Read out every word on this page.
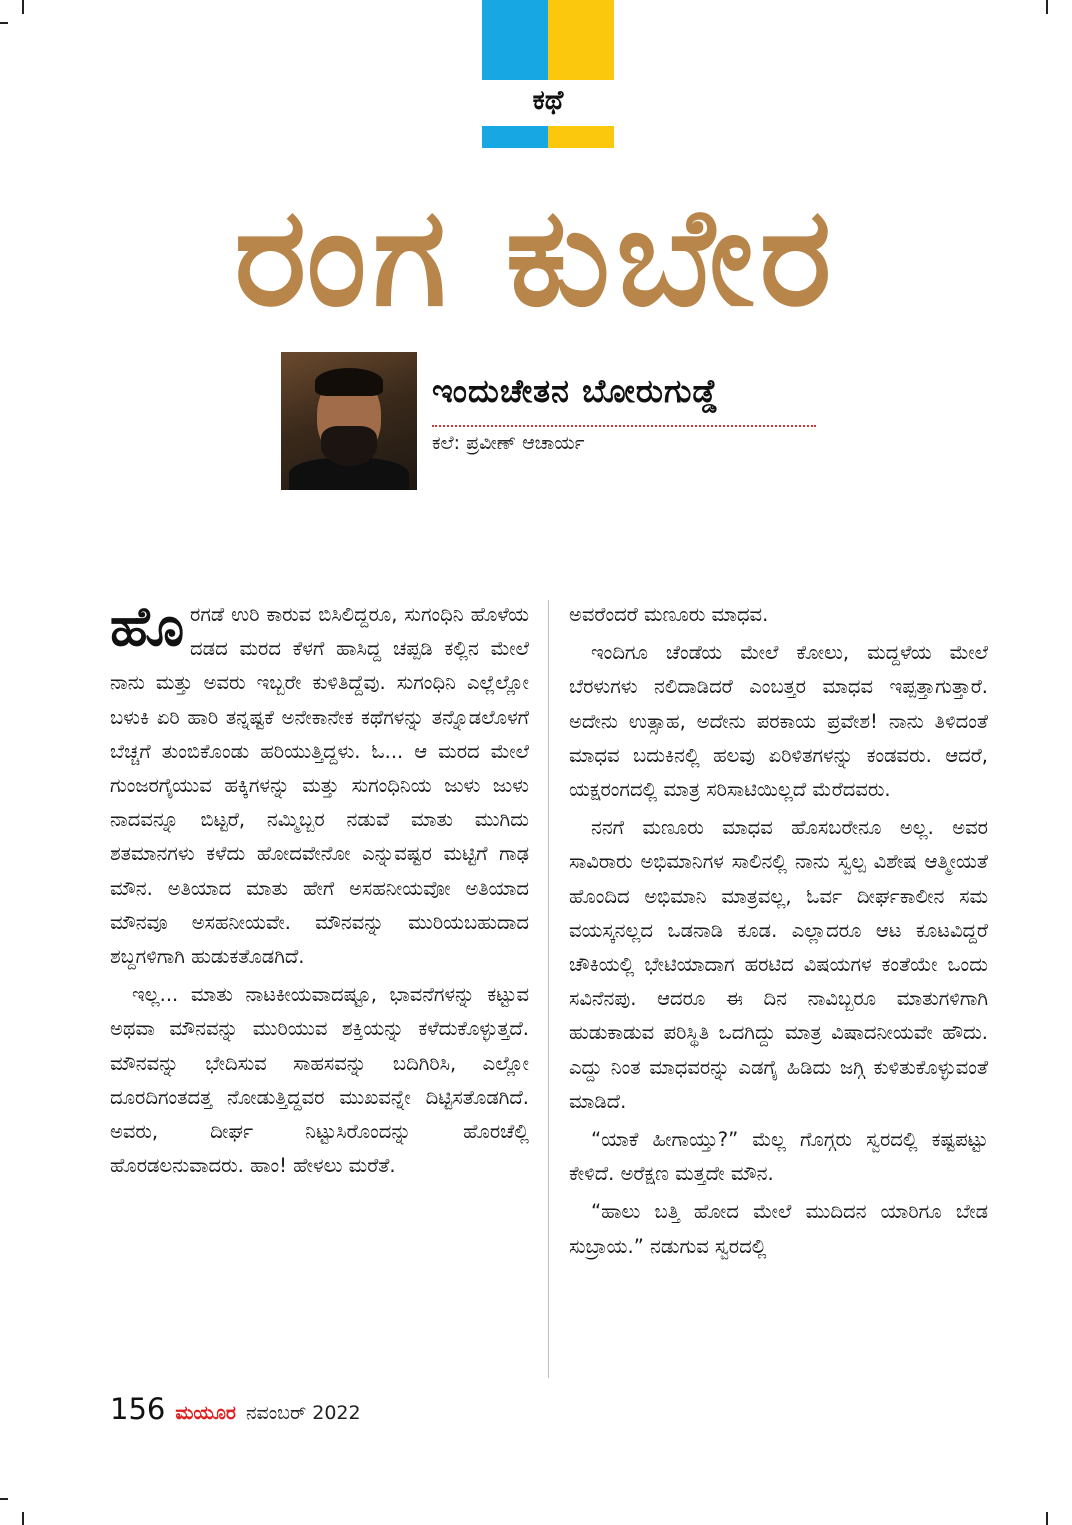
ಕಥೆ
ರಂಗ ಕುಬೇರ
ಇಂದುಚೇತನ ಬೋರುಗುಡ್ಡೆ
ಕಲೆ: ಪ್ರವೀಣ್ ಆಚಾರ್ಯ

ಹೊರಗಡೆ ಉರಿ ಕಾರುವ ಬಿಸಿಲಿದ್ದರೂ, ಸುಗಂಧಿನಿ ಹೊಳೆಯ ದಡದ ಮರದ ಕೆಳಗೆ ಹಾಸಿದ್ದ ಚಪ್ಪಡಿ ಕಲ್ಲಿನ ಮೇಲೆ ನಾನು ಮತ್ತು ಅವರು ಇಬ್ಬರೇ ಕುಳಿತಿದ್ದೆವು. ಸುಗಂಧಿನಿ ಎಲ್ಲೆಲ್ಲೋ ಬಳುಕಿ ಏರಿ ಹಾರಿ ತನ್ನಷ್ಟಕೆ ಅನೇಕಾನೇಕ ಕಥೆಗಳನ್ನು ತನ್ನೊಡಲೊಳಗೆ ಬೆಚ್ಚಗೆ ತುಂಬಿಕೊಂಡು ಹರಿಯುತ್ತಿದ್ದಳು. ಓ... ಆ ಮರದ ಮೇಲೆ ಗುಂಜರಗೈಯುವ ಹಕ್ಕಿಗಳನ್ನು ಮತ್ತು ಸುಗಂಧಿನಿಯ ಜುಳು ಜುಳು ನಾದವನ್ನೂ ಬಿಟ್ಟರೆ, ನಮ್ಮಿಬ್ಬರ ನಡುವೆ ಮಾತು ಮುಗಿದು ಶತಮಾನಗಳು ಕಳೆದು ಹೋದವೇನೋ ಎನ್ನುವಷ್ಟರ ಮಟ್ಟಿಗೆ ಗಾಢ ಮೌನ. ಅತಿಯಾದ ಮಾತು ಹೇಗೆ ಅಸಹನೀಯವೋ ಅತಿಯಾದ ಮೌನವೂ ಅಸಹನೀಯವೇ. ಮೌನವನ್ನು ಮುರಿಯಬಹುದಾದ ಶಬ್ದಗಳಿಗಾಗಿ ಹುಡುಕತೊಡಗಿದೆ.

ಇಲ್ಲ... ಮಾತು ನಾಟಕೀಯವಾದಷ್ಟೂ, ಭಾವನೆಗಳನ್ನು ಕಟ್ಟುವ ಅಥವಾ ಮೌನವನ್ನು ಮುರಿಯುವ ಶಕ್ತಿಯನ್ನು ಕಳೆದುಕೊಳ್ಳುತ್ತದೆ. ಮೌನವನ್ನು ಭೇದಿಸುವ ಸಾಹಸವನ್ನು ಬದಿಗಿರಿಸಿ, ಎಲ್ಲೋ ದೂರದಿಗಂತದತ್ತ ನೋಡುತ್ತಿದ್ದವರ ಮುಖವನ್ನೇ ದಿಟ್ಟಿಸತೊಡಗಿದೆ. ಅವರು, ದೀರ್ಘ ನಿಟ್ಟುಸಿರೊಂದನ್ನು ಹೊರಚೆಲ್ಲಿ ಹೊರಡಲನುವಾದರು. ಹಾಂ! ಹೇಳಲು ಮರೆತೆ.

ಅವರೆಂದರೆ ಮಣೂರು ಮಾಧವ.

ಇಂದಿಗೂ ಚೆಂಡೆಯ ಮೇಲೆ ಕೋಲು, ಮದ್ದಳೆಯ ಮೇಲೆ ಬೆರಳುಗಳು ನಲಿದಾಡಿದರೆ ಎಂಬತ್ತರ ಮಾಧವ ಇಪ್ಪತ್ತಾಗುತ್ತಾರೆ. ಅದೇನು ಉತ್ಸಾಹ, ಅದೇನು ಪರಕಾಯ ಪ್ರವೇಶ! ನಾನು ತಿಳಿದಂತೆ ಮಾಧವ ಬದುಕಿನಲ್ಲಿ ಹಲವು ಏರಿಳಿತಗಳನ್ನು ಕಂಡವರು. ಆದರೆ, ಯಕ್ಷರಂಗದಲ್ಲಿ ಮಾತ್ರ ಸರಿಸಾಟಿಯಿಲ್ಲದೆ ಮೆರೆದವರು.

ನನಗೆ ಮಣೂರು ಮಾಧವ ಹೊಸಬರೇನೂ ಅಲ್ಲ. ಅವರ ಸಾವಿರಾರು ಅಭಿಮಾನಿಗಳ ಸಾಲಿನಲ್ಲಿ ನಾನು ಸ್ವಲ್ಪ ವಿಶೇಷ ಆತ್ಮೀಯತೆ ಹೊಂದಿದ ಅಭಿಮಾನಿ ಮಾತ್ರವಲ್ಲ, ಓರ್ವ ದೀರ್ಘಕಾಲೀನ ಸಮ ವಯಸ್ಕನಲ್ಲದ ಒಡನಾಡಿ ಕೂಡ. ಎಲ್ಲಾದರೂ ಆಟ ಕೂಟವಿದ್ದರೆ ಚೌಕಿಯಲ್ಲಿ ಭೇಟಿಯಾದಾಗ ಹರಟಿದ ವಿಷಯಗಳ ಕಂತೆಯೇ ಒಂದು ಸವಿನೆನಪು. ಆದರೂ ಈ ದಿನ ನಾವಿಬ್ಬರೂ ಮಾತುಗಳಿಗಾಗಿ ಹುಡುಕಾಡುವ ಪರಿಸ್ಥಿತಿ ಒದಗಿದ್ದು ಮಾತ್ರ ವಿಷಾದನೀಯವೇ ಹೌದು. ಎದ್ದು ನಿಂತ ಮಾಧವರನ್ನು ಎಡಗೈ ಹಿಡಿದು ಜಗ್ಗಿ ಕುಳಿತುಕೊಳ್ಳುವಂತೆ ಮಾಡಿದೆ.

“ಯಾಕೆ ಹೀಗಾಯ್ತು?” ಮೆಲ್ಲ ಗೊಗ್ಗರು ಸ್ವರದಲ್ಲಿ ಕಷ್ಟಪಟ್ಟು ಕೇಳಿದೆ. ಅರೆಕ್ಷಣ ಮತ್ತದೇ ಮೌನ.

“ಹಾಲು ಬತ್ತಿ ಹೋದ ಮೇಲೆ ಮುದಿದನ ಯಾರಿಗೂ ಬೇಡ ಸುಬ್ರಾಯ.” ನಡುಗುವ ಸ್ವರದಲ್ಲಿ

156 ಮಯೂರ ನವಂಬರ್ 2022
